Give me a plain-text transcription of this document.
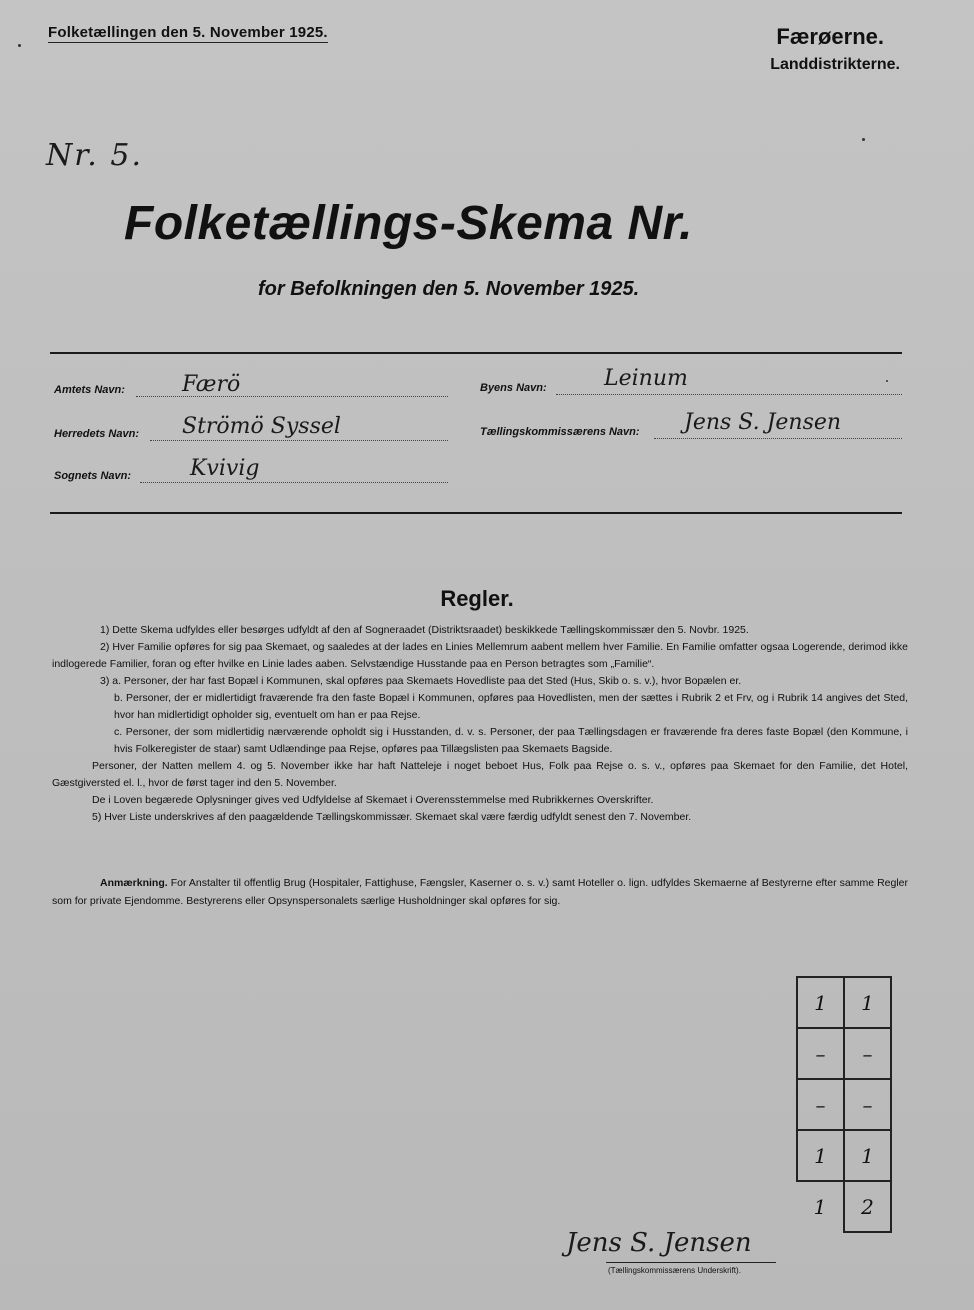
Folketællingen den 5. November 1925.	Færøerne.
Landdistrikterne.
Nr. 5.
Folketællings-Skema Nr.
for Befolkningen den 5. November 1925.
Amtets Navn:	Færö
Herredets Navn: Strömö Syssel
Sognets Navn:	Kvivig
Byens Navn:	Leinum
Tællingskommissærens Navn: Jens S. Jensen
Regler.

1) Dette Skema udfyldes eller besørges udfyldt af den af Sogneraadet (Distriktsraadet) beskikkede Tællingskommissær den 5. Novbr. 1925.

2) Hver Familie opføres for sig paa Skemaet, og saaledes at der lades en Linies Mellemrum aabent mellem hver Familie. En Familie omfatter ogsaa Logerende, derimod ikke indlogerede Familier, foran og efter hvilke en Linie lades aaben. Selvstændige Husstande paa en Person betragtes som „Familie“.

3) a. Personer, der har fast Bopæl i Kommunen, skal opføres paa Skemaets Hovedliste paa det Sted (Hus, Skib o. s. v.), hvor Bopælen er.

b. Personer, der er midlertidigt fraværende fra den faste Bopæl i Kommunen, opføres paa Hovedlisten, men der sættes i Rubrik 2 et Frv, og i Rubrik 14 angives det Sted, hvor han midlertidigt opholder sig, eventuelt om han er paa Rejse.

c. Personer, der som midlertidig nærværende opholdt sig i Husstanden, d. v. s. Personer, der paa Tællingsdagen er fraværende fra deres faste Bopæl (den Kommune, i hvis Folkeregister de staar) samt Udlændinge paa Rejse, opføres paa Tillægslisten paa Skemaets Bagside.

Personer, der Natten mellem 4. og 5. November ikke har haft Natteleje i noget beboet Hus, Folk paa Rejse o. s. v., opføres paa Skemaet for den Familie, det Hotel, Gæstgiversted el. l., hvor de først tager ind den 5. November.

De i Loven begærede Oplysninger gives ved Udfyldelse af Skemaet i Overensstemmelse med Rubrikkernes Overskrifter.

5) Hver Liste underskrives af den paagældende Tællingskommissær. Skemaet skal være færdig udfyldt senest den 7. November.

Anmærkning. For Anstalter til offentlig Brug (Hospitaler, Fattighuse, Fængsler, Kaserner o. s. v.) samt Hoteller o. lign. udfyldes Skemaerne af Bestyrerne efter samme Regler som for private Ejendomme. Bestyrerens eller Opsynspersonalets særlige Husholdninger skal opføres for sig.

1	1
–	–
–	–
1	1
1	2
Jens S. Jensen
(Tællingskommissærens Underskrift).
